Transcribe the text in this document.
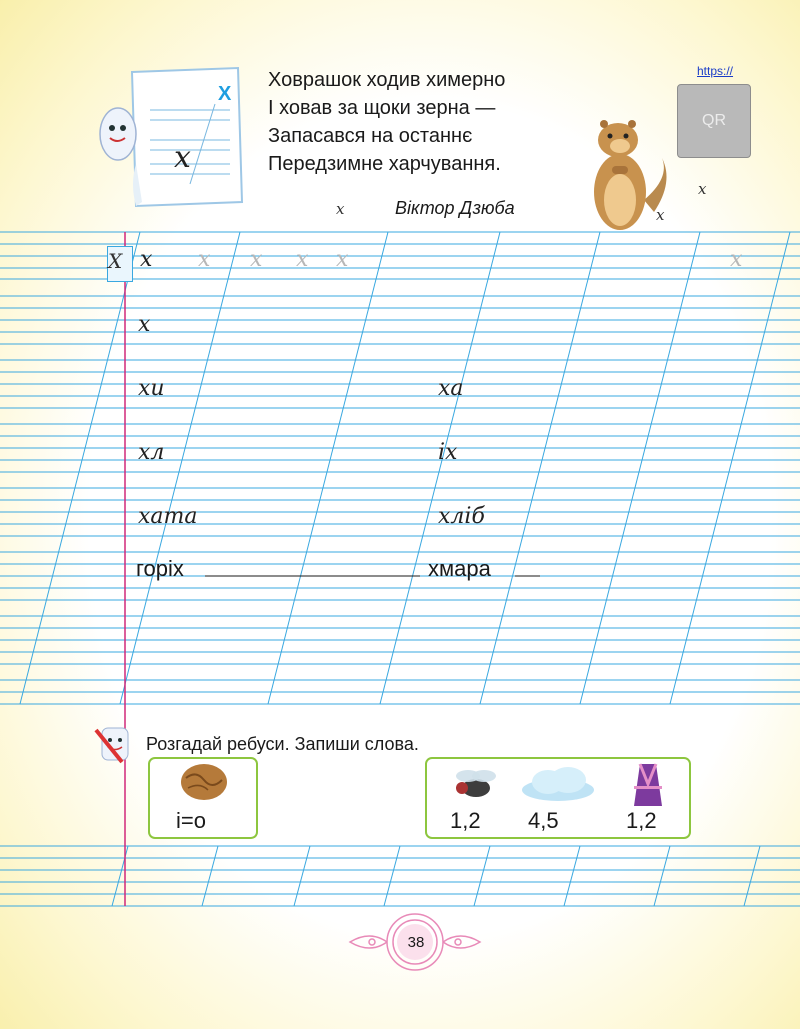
Х
х
Ховрашок ходив химерно
І ховав за щоки зерна —
Запасався на останнє
Передзимне харчування.
Віктор Дзюба
х	х
х
https://
QR
Х х х х х х	х
х
хи	ха
хл	іх
хата	хліб
горіх	хмара
Розгадай ребуси. Запиши слова.
і=о	1,2 4,5	1,2
38
